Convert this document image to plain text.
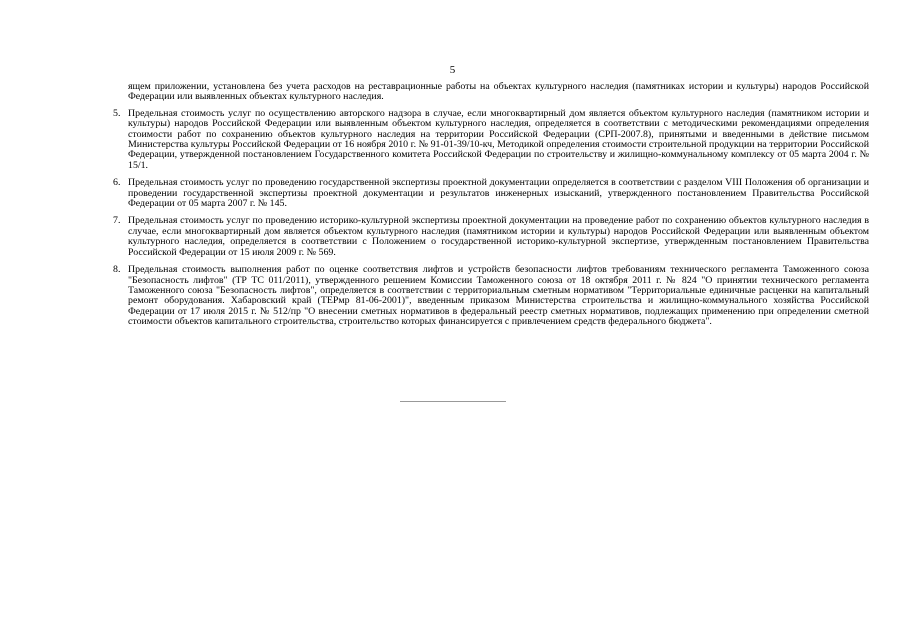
5

ящем приложении, установлена без учета расходов на реставрационные работы на объектах культурного наследия (памятниках истории и культуры) народов Российской Федерации или выявленных объектах культурного наследия.

5. Предельная стоимость услуг по осуществлению авторского надзора в случае, если многоквартирный дом является объектом культурного наследия (памятником истории и культуры) народов Российской Федерации или выявленным объектом культурного наследия, определяется в соответствии с методическими рекомендациями определения стоимости работ по сохранению объектов культурного наследия на территории Российской Федерации (СРП-2007.8), принятыми и введенными в действие письмом Министерства культуры Российской Федерации от 16 ноября 2010 г. № 91-01-39/10-кч, Методикой определения стоимости строительной продукции на территории Российской Федерации, утвержденной постановлением Государственного комитета Российской Федерации по строительству и жилищно-коммунальному комплексу от 05 марта 2004 г. № 15/1.
6. Предельная стоимость услуг по проведению государственной экспертизы проектной документации определяется в соответствии с разделом VIII Положения об организации и проведении государственной экспертизы проектной документации и результатов инженерных изысканий, утвержденного постановлением Правительства Российской Федерации от 05 марта 2007 г. № 145.
7. Предельная стоимость услуг по проведению историко-культурной экспертизы проектной документации на проведение работ по сохранению объектов культурного наследия в случае, если многоквартирный дом является объектом культурного наследия (памятником истории и культуры) народов Российской Федерации или выявленным объектом культурного наследия, определяется в соответствии с Положением о государственной историко-культурной экспертизе, утвержденным постановлением Правительства Российской Федерации от 15 июля 2009 г. № 569.
8. Предельная стоимость выполнения работ по оценке соответствия лифтов и устройств безопасности лифтов требованиям технического регламента Таможенного союза "Безопасность лифтов" (ТР ТС 011/2011), утвержденного решением Комиссии Таможенного союза от 18 октября 2011 г. № 824 "О принятии технического регламента Таможенного союза "Безопасность лифтов", определяется в соответствии с территориальным сметным нормативом "Территориальные единичные расценки на капитальный ремонт оборудования. Хабаровский край (ТЕРмр 81-06-2001)", введенным приказом Министерства строительства и жилищно-коммунального хозяйства Российской Федерации от 17 июля 2015 г. № 512/пр "О внесении сметных нормативов в федеральный реестр сметных нормативов, подлежащих применению при определении сметной стоимости объектов капитального строительства, строительство которых финансируется с привлечением средств федерального бюджета".
